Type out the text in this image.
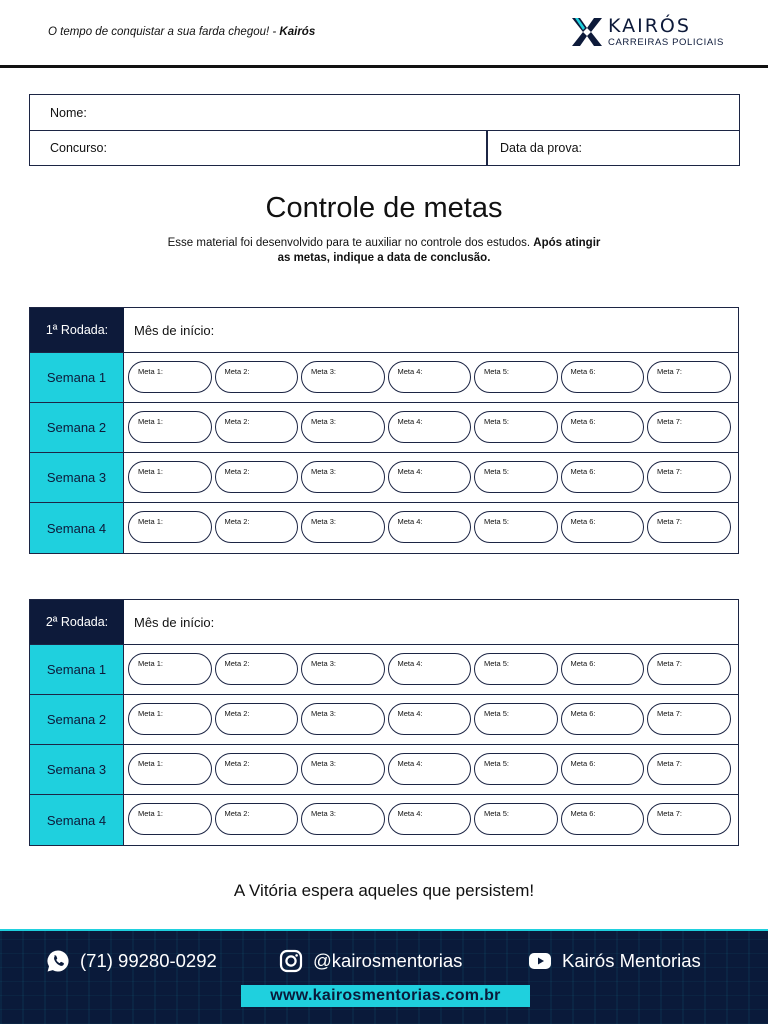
O tempo de conquistar a sua farda chegou! - Kairós	KAIRÓS
CARREIRAS POLICIAIS
Nome:
Concurso:	Data da prova:
Controle de metas
Esse material foi desenvolvido para te auxiliar no controle dos estudos. Após atingir
as metas, indique a data de conclusão.
1ª Rodada:	Mês de início:
Semana 1	Meta 1:	Meta 2:	Meta 3:	Meta 4:	Meta 5:	Meta 6:	Meta 7:
Semana 2	Meta 1:	Meta 2:	Meta 3:	Meta 4:	Meta 5:	Meta 6:	Meta 7:
Semana 3	Meta 1:	Meta 2:	Meta 3:	Meta 4:	Meta 5:	Meta 6:	Meta 7:
Semana 4	Meta 1:	Meta 2:	Meta 3:	Meta 4:	Meta 5:	Meta 6:	Meta 7:
2ª Rodada:	Mês de início:
Semana 1	Meta 1:	Meta 2:	Meta 3:	Meta 4:	Meta 5:	Meta 6:	Meta 7:
Semana 2	Meta 1:	Meta 2:	Meta 3:	Meta 4:	Meta 5:	Meta 6:	Meta 7:
Semana 3	Meta 1:	Meta 2:	Meta 3:	Meta 4:	Meta 5:	Meta 6:	Meta 7:
Semana 4	Meta 1:	Meta 2:	Meta 3:	Meta 4:	Meta 5:	Meta 6:	Meta 7:
A Vitória espera aqueles que persistem!
(71) 99280-0292	@kairosmentorias	Kairós Mentorias
www.kairosmentorias.com.br
